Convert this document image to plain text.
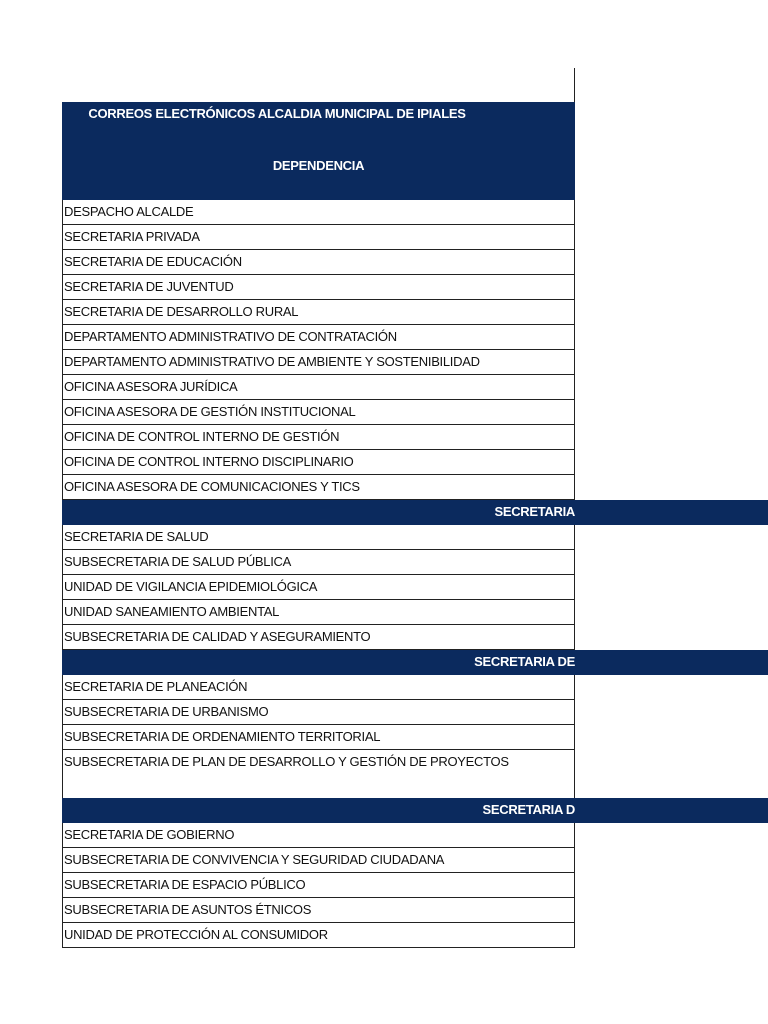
CORREOS ELECTRÓNICOS ALCALDIA MUNICIPAL DE IPIALES
DEPENDENCIA
DESPACHO ALCALDE
SECRETARIA PRIVADA
SECRETARIA DE EDUCACIÓN
SECRETARIA DE JUVENTUD
SECRETARIA DE DESARROLLO RURAL
DEPARTAMENTO ADMINISTRATIVO DE CONTRATACIÓN
DEPARTAMENTO ADMINISTRATIVO DE AMBIENTE Y SOSTENIBILIDAD
OFICINA ASESORA JURÍDICA
OFICINA ASESORA DE GESTIÓN INSTITUCIONAL
OFICINA DE CONTROL INTERNO DE GESTIÓN
OFICINA DE CONTROL INTERNO DISCIPLINARIO
OFICINA ASESORA DE COMUNICACIONES Y TICS
SECRETARIA
SECRETARIA DE SALUD
SUBSECRETARIA DE SALUD PÚBLICA
UNIDAD DE VIGILANCIA EPIDEMIOLÓGICA
UNIDAD SANEAMIENTO AMBIENTAL
SUBSECRETARIA DE CALIDAD Y ASEGURAMIENTO
SECRETARIA DE
SECRETARIA DE PLANEACIÓN
SUBSECRETARIA DE URBANISMO
SUBSECRETARIA DE ORDENAMIENTO TERRITORIAL
SUBSECRETARIA DE PLAN DE DESARROLLO Y GESTIÓN DE PROYECTOS
SECRETARIA D
SECRETARIA DE GOBIERNO
SUBSECRETARIA DE CONVIVENCIA Y SEGURIDAD CIUDADANA
SUBSECRETARIA DE ESPACIO PÚBLICO
SUBSECRETARIA DE ASUNTOS ÉTNICOS
UNIDAD DE PROTECCIÓN AL CONSUMIDOR
